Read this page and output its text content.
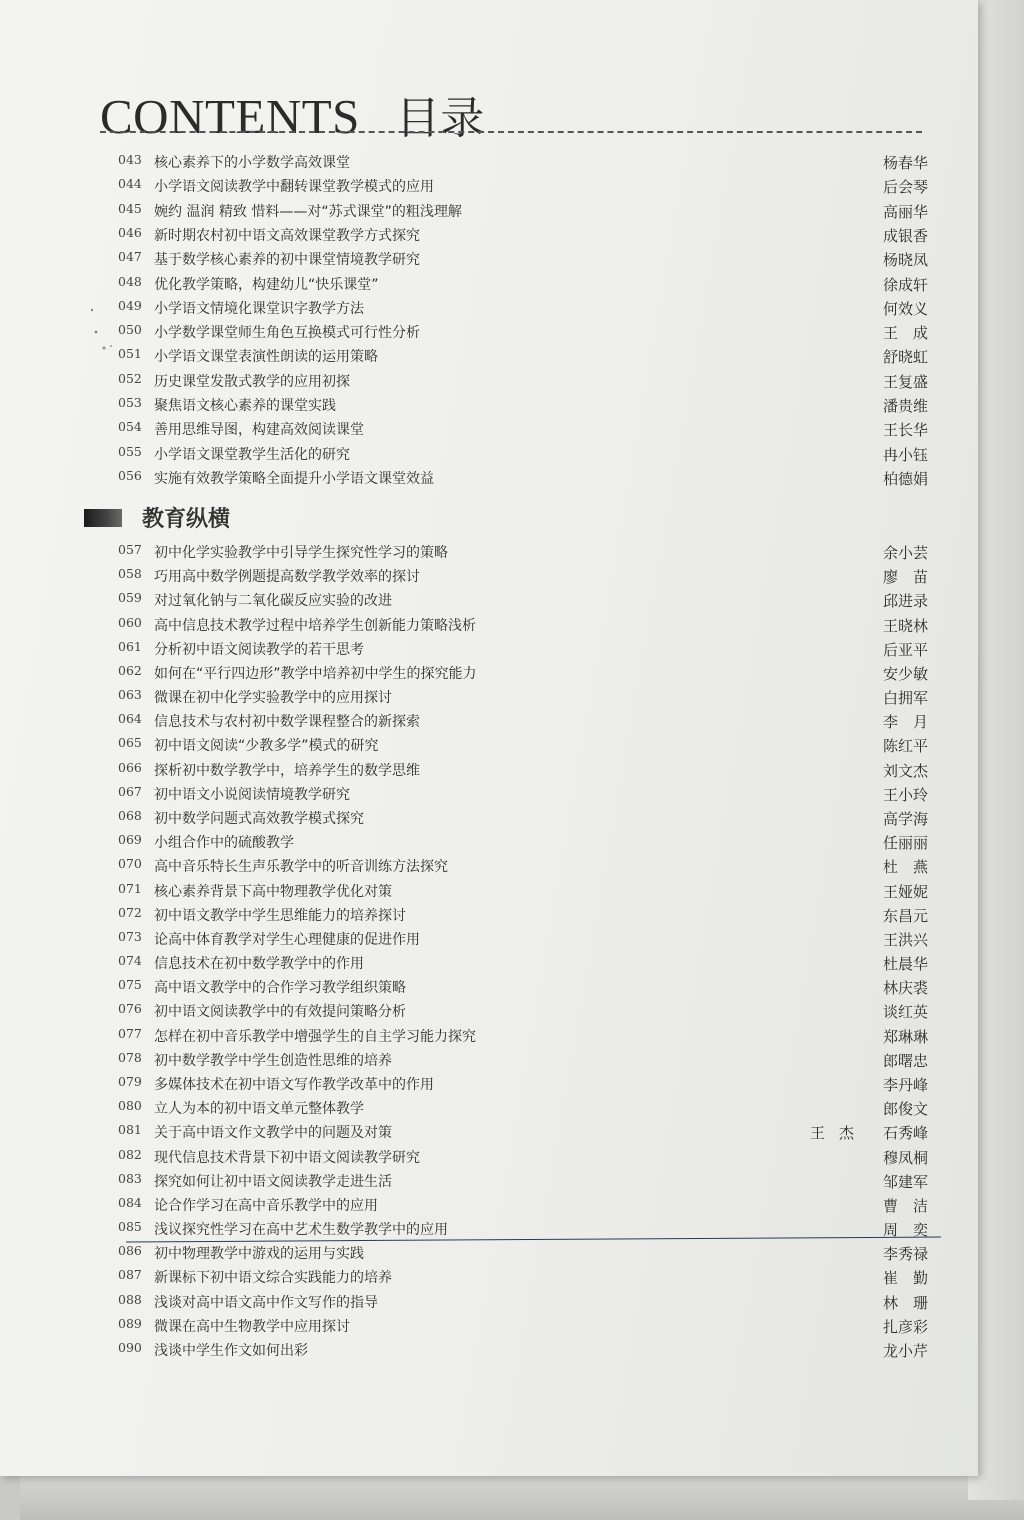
CONTENTS 目录
043 核心素养下的小学数学高效课堂	杨春华
044 小学语文阅读教学中翻转课堂教学模式的应用	后会琴
045 婉约 温润 精致 惜料——对“苏式课堂”的粗浅理解	高丽华
046 新时期农村初中语文高效课堂教学方式探究	成银香
047 基于数学核心素养的初中课堂情境教学研究	杨晓凤
048 优化教学策略，构建幼儿“快乐课堂”	徐成轩
049 小学语文情境化课堂识字教学方法	何效义
050 小学数学课堂师生角色互换模式可行性分析	王　成
051 小学语文课堂表演性朗读的运用策略	舒晓虹
052 历史课堂发散式教学的应用初探	王复盛
053 聚焦语文核心素养的课堂实践	潘贵维
054 善用思维导图，构建高效阅读课堂	王长华
055 小学语文课堂教学生活化的研究	冉小钰
056 实施有效教学策略全面提升小学语文课堂效益	柏德娟
教育纵横
057 初中化学实验教学中引导学生探究性学习的策略	余小芸
058 巧用高中数学例题提高数学教学效率的探讨	廖　苗
059 对过氧化钠与二氧化碳反应实验的改进	邱进录
060 高中信息技术教学过程中培养学生创新能力策略浅析	王晓林
061 分析初中语文阅读教学的若干思考	后亚平
062 如何在“平行四边形”教学中培养初中学生的探究能力	安少敏
063 微课在初中化学实验教学中的应用探讨	白拥军
064 信息技术与农村初中数学课程整合的新探索	李　月
065 初中语文阅读“少教多学”模式的研究	陈红平
066 探析初中数学教学中，培养学生的数学思维	刘文杰
067 初中语文小说阅读情境教学研究	王小玲
068 初中数学问题式高效教学模式探究	高学海
069 小组合作中的硫酸教学	任丽丽
070 高中音乐特长生声乐教学中的听音训练方法探究	杜　燕
071 核心素养背景下高中物理教学优化对策	王娅妮
072 初中语文教学中学生思维能力的培养探讨	东昌元
073 论高中体育教学对学生心理健康的促进作用	王洪兴
074 信息技术在初中数学教学中的作用	杜晨华
075 高中语文教学中的合作学习教学组织策略	林庆裘
076 初中语文阅读教学中的有效提问策略分析	谈红英
077 怎样在初中音乐教学中增强学生的自主学习能力探究	郑琳琳
078 初中数学教学中学生创造性思维的培养	郎曙忠
079 多媒体技术在初中语文写作教学改革中的作用	李丹峰
080 立人为本的初中语文单元整体教学	郎俊文
081 关于高中语文作文教学中的问题及对策	王杰 石秀峰
082 现代信息技术背景下初中语文阅读教学研究	穆凤桐
083 探究如何让初中语文阅读教学走进生活	邹建军
084 论合作学习在高中音乐教学中的应用	曹　洁
085 浅议探究性学习在高中艺术生数学教学中的应用	周　奕
086 初中物理教学中游戏的运用与实践	李秀禄
087 新课标下初中语文综合实践能力的培养	崔　勤
088 浅谈对高中语文高中作文写作的指导	林　珊
089 微课在高中生物教学中应用探讨	扎彦彩
090 浅谈中学生作文如何出彩	龙小芹
